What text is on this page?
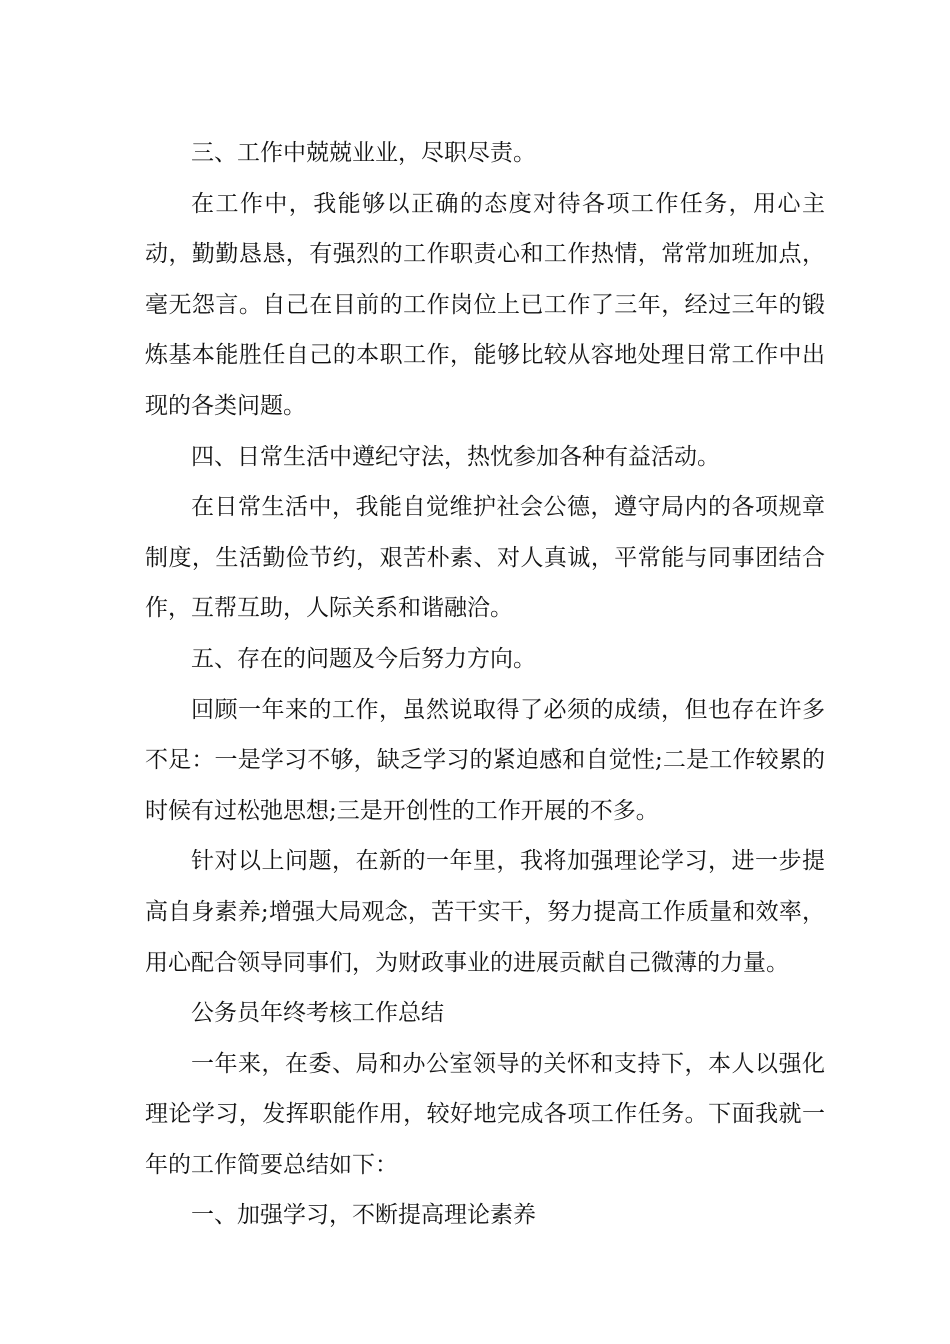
三、工作中兢兢业业，尽职尽责。

在工作中，我能够以正确的态度对待各项工作任务，用心主动，勤勤恳恳，有强烈的工作职责心和工作热情，常常加班加点，毫无怨言。自己在目前的工作岗位上已工作了三年，经过三年的锻炼基本能胜任自己的本职工作，能够比较从容地处理日常工作中出现的各类问题。

四、日常生活中遵纪守法，热忱参加各种有益活动。

在日常生活中，我能自觉维护社会公德，遵守局内的各项规章制度，生活勤俭节约，艰苦朴素、对人真诚，平常能与同事团结合作，互帮互助，人际关系和谐融洽。

五、存在的问题及今后努力方向。

回顾一年来的工作，虽然说取得了必须的成绩，但也存在许多不足：一是学习不够，缺乏学习的紧迫感和自觉性;二是工作较累的时候有过松弛思想;三是开创性的工作开展的不多。

针对以上问题，在新的一年里，我将加强理论学习，进一步提高自身素养;增强大局观念，苦干实干，努力提高工作质量和效率，用心配合领导同事们，为财政事业的进展贡献自己微薄的力量。

公务员年终考核工作总结

一年来，在委、局和办公室领导的关怀和支持下，本人以强化理论学习，发挥职能作用，较好地完成各项工作任务。下面我就一年的工作简要总结如下：

一、加强学习，不断提高理论素养
